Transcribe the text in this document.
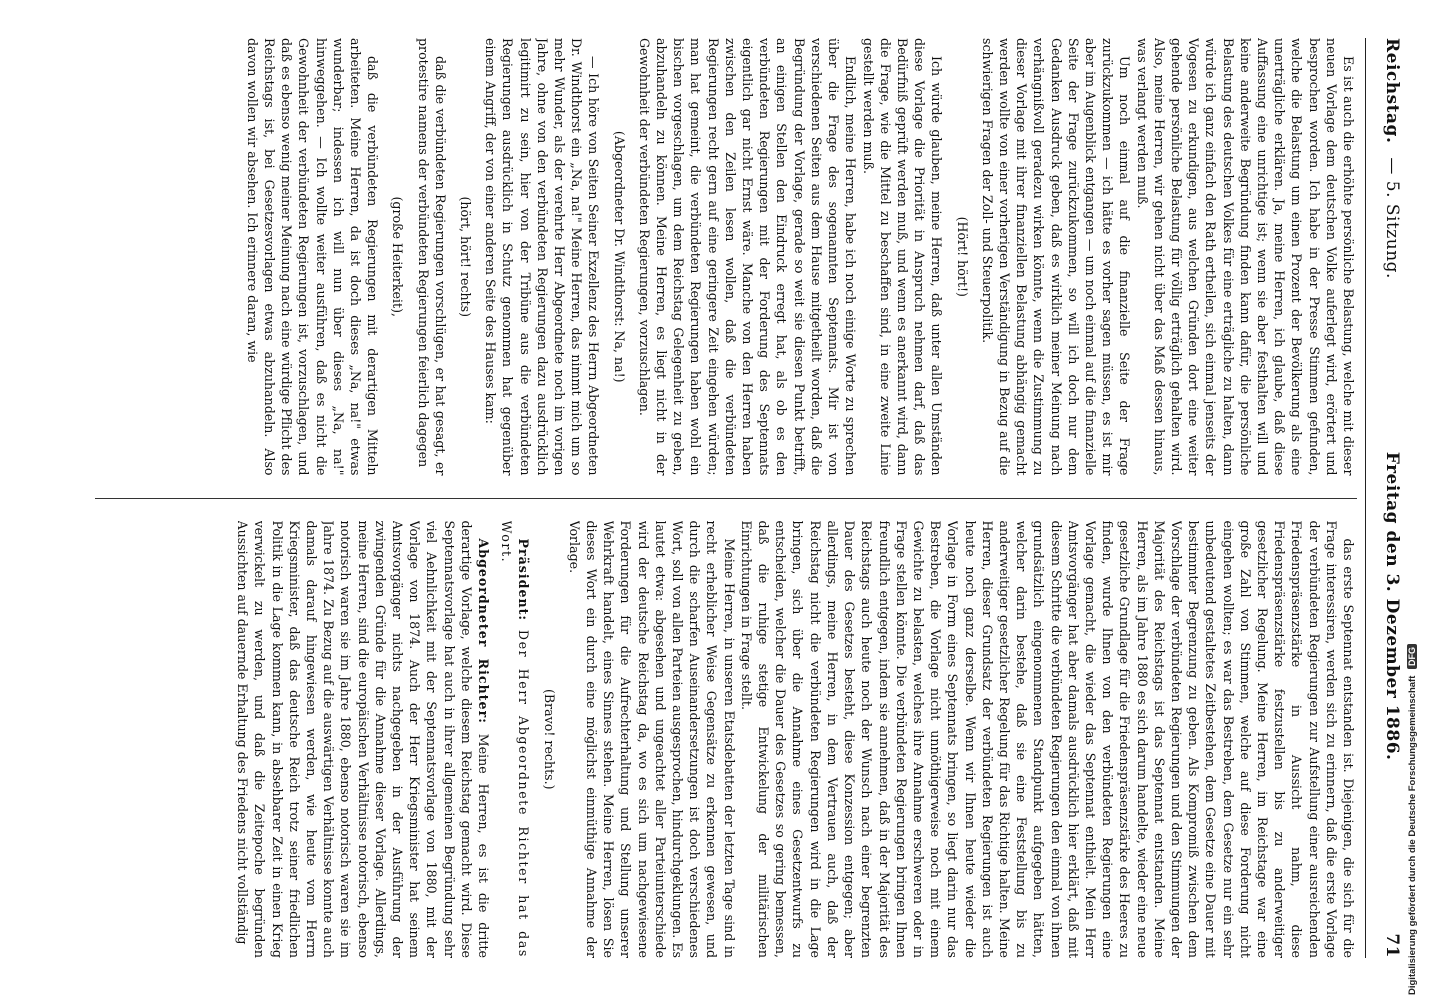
Reichstag.
— 5. Sitzung.
Freitag den 3. Dezember 1886.
71

Es ist auch die erhöhte persönliche Belastung, welche mit dieser neuen Vorlage dem deutschen Volke auferlegt wird, erörtert und besprochen worden. Ich habe in der Presse Stimmen gefunden, welche die Belastung um einen Prozent der Bevölkerung als eine unerträgliche erklären. Ja, meine Herren, ich glaube, daß diese Auffassung eine unrichtige ist; wenn sie aber festhalten will und keine anderweite Begründung finden kann dafür, die persönliche Belastung des deutschen Volkes für eine erträgliche zu halten, dann würde ich ganz einfach den Rath ertheilen, sich einmal jenseits der Vogesen zu erkundigen, aus welchen Gründen dort eine weiter gehende persönliche Belastung für völlig erträglich gehalten wird. Also, meine Herren, wir gehen nicht über das Maß dessen hinaus, was verlangt werden muß.

Um noch einmal auf die finanzielle Seite der Frage zurückzukommen — ich hätte es vorher sagen müssen, es ist mir aber im Augenblick entgangen — um noch einmal auf die finanzielle Seite der Frage zurückzukommen, so will ich doch nur dem Gedanken Ausdruck geben, daß es wirklich meiner Meinung nach verhängnißvoll geradezu wirken könnte, wenn die Zustimmung zu dieser Vorlage mit ihrer finanziellen Belastung abhängig gemacht werden wollte von einer vorherigen Verständigung in Bezug auf die schwierigen Fragen der Zoll- und Steuerpolitik.

(Hört! hört!)

Ich würde glauben, meine Herren, daß unter allen Umständen diese Vorlage die Priorität in Anspruch nehmen darf, daß das Bedürfniß geprüft werden muß, und wenn es anerkannt wird, dann die Frage, wie die Mittel zu beschaffen sind, in eine zweite Linie gestellt werden muß.

Endlich, meine Herren, habe ich noch einige Worte zu sprechen über die Frage des sogenannten Septennats. Mir ist von verschiedenen Seiten aus dem Hause mitgetheilt worden, daß die Begründung der Vorlage, gerade so weit sie diesen Punkt betrifft, an einigen Stellen den Eindruck erregt hat, als ob es den verbündeten Regierungen mit der Forderung des Septennats eigentlich gar nicht Ernst wäre. Manche von den Herren haben zwischen den Zeilen lesen wollen, daß die verbündeten Regierungen recht gern auf eine geringere Zeit eingehen würden; man hat gemeint, die verbündeten Regierungen haben wohl ein bischen vorgeschlagen, um dem Reichstag Gelegenheit zu geben, abzuhandeln zu können. Meine Herren, es liegt nicht in der Gewohnheit der verbündeten Regierungen, vorzuschlagen.

(Abgeordneter Dr. Windthorst: Na, na!)

— Ich höre von Seiten Seiner Exzellenz des Herrn Abgeordneten Dr. Windthorst ein „Na, na!" Meine Herren, das nimmt mich um so mehr Wunder, als der verehrte Herr Abgeordnete noch im vorigen Jahre, ohne von den verbündeten Regierungen dazu ausdrücklich legitimirt zu sein, hier von der Tribüne aus die verbündeten Regierungen ausdrücklich in Schutz genommen hat gegenüber einem Angriff, der von einer anderen Seite des Hauses kam:

(hört, hört! rechts)

daß die verbündeten Regierungen vorschlügen, er hat gesagt, er protestire namens der verbündeten Regierungen feierlich dagegen

(große Heiterkeit),

daß die verbündeten Regierungen mit derartigen Mitteln arbeiteten. Meine Herren, da ist doch dieses „Na, na!" etwas wunderbar; indessen ich will nun über dieses „Na, na!" hinweggehen. — Ich wollte weiter ausführen, daß es nicht die Gewohnheit der verbündeten Regierungen ist, vorzuschlagen, und daß es ebenso wenig meiner Meinung nach eine würdige Pflicht des Reichstags ist, bei Gesetzesvorlagen etwas abzuhandeln. Also davon wollen wir absehen. Ich erinnere daran, wie

das erste Septennat entstanden ist. Diejenigen, die sich für die Frage interessiren, werden sich zu erinnern, daß die erste Vorlage der verbündeten Regierungen zur Aufstellung einer ausreichenden Friedenspräsenzstärke in Aussicht nahm, diese Friedenspräsenzstärke festzustellen bis zu anderweitiger gesetzlicher Regelung. Meine Herren, im Reichstage war eine große Zahl von Stimmen, welche auf diese Forderung nicht eingehen wollten; es war das Bestreben, dem Gesetze nur ein sehr unbedeutend gestaltetes Zeitbestehen, dem Gesetze eine Dauer mit bestimmter Begrenzung zu geben. Als Kompromiß zwischen dem Vorschlage der verbündeten Regierungen und den Stimmungen der Majorität des Reichstags ist das Septennat entstanden. Meine Herren, als im Jahre 1880 es sich darum handelte, wieder eine neue gesetzliche Grundlage für die Friedenspräsenzstärke des Heeres zu finden, wurde Ihnen von den verbündeten Regierungen eine Vorlage gemacht, die wieder das Septennat enthielt. Mein Herr Amtsvorgänger hat aber damals ausdrücklich hier erklärt, daß mit diesem Schritte die verbündeten Regierungen den einmal von ihnen grundsätzlich eingenommenen Standpunkt aufgegeben hätten, welcher darin bestehe, daß sie eine Feststellung bis zu anderweitiger gesetzlicher Regelung für das Richtige halten. Meine Herren, dieser Grundsatz der verbündeten Regierungen ist auch heute noch ganz derselbe. Wenn wir Ihnen heute wieder die Vorlage in Form eines Septennats bringen, so liegt darin nur das Bestreben, die Vorlage nicht unnöthigerweise noch mit einem Gewichte zu belasten, welches ihre Annahme erschweren oder in Frage stellen könnte. Die verbündeten Regierungen bringen Ihnen freundlich entgegen, indem sie annehmen, daß in der Majorität des Reichstags auch heute noch der Wunsch nach einer begrenzten Dauer des Gesetzes besteht, diese Konzession entgegen; aber allerdings, meine Herren, in dem Vertrauen auch, daß der Reichstag nicht die verbündeten Regierungen wird in die Lage bringen, sich über die Annahme eines Gesetzentwurfs zu entscheiden, welcher die Dauer des Gesetzes so gering bemessen, daß die ruhige stetige Entwickelung der militärischen Einrichtungen in Frage stellt.

Meine Herren, in unseren Etatsdebatten der letzten Tage sind in recht erheblicher Weise Gegensätze zu erkennen gewesen, und durch die scharfen Auseinandersetzungen ist doch verschiedenes Wort, soll von allen Parteien ausgesprochen, hindurchgeklungen. Es lautet etwa: abgesehen und ungeachtet aller Parteiunterschiede wird der deutsche Reichstag da, wo es sich um nachgewiesene Forderungen für die Aufrechterhaltung und Stellung unserer Wehrkraft handelt, eines Sinnes stehen. Meine Herren, lösen Sie dieses Wort ein durch eine möglichst einmüthige Annahme der Vorlage.

(Bravo! rechts.)

Präsident: Der Herr Abgeordnete Richter hat das Wort.

Abgeordneter Richter: Meine Herren, es ist die dritte derartige Vorlage, welche diesem Reichstag gemacht wird. Diese Septennatsvorlage hat auch in ihrer allgemeinen Begründung sehr viel Aehnlichkeit mit der Septennatsvorlage von 1880, mit der Vorlage von 1874. Auch der Herr Kriegsminister hat seinem Amtsvorgänger nichts nachgegeben in der Ausführung der zwingenden Gründe für die Annahme dieser Vorlage. Allerdings, meine Herren, sind die europäischen Verhältnisse notorisch, ebenso notorisch waren sie im Jahre 1880, ebenso notorisch waren sie im Jahre 1874. Zu Bezug auf die auswärtigen Verhältnisse konnte auch damals darauf hingewiesen werden, wie heute vom Herrn Kriegsminister, daß das deutsche Reich trotz seiner friedlichen Politik in die Lage kommen kann, in absehbarer Zeit in einen Krieg verwickelt zu werden, und daß die Zeitepoche begründen Aussichten auf dauernde Erhaltung des Friedens nicht vollständig	Digitalisierung gefördert durch die Deutsche Forschungsgemeinschaft DFG
